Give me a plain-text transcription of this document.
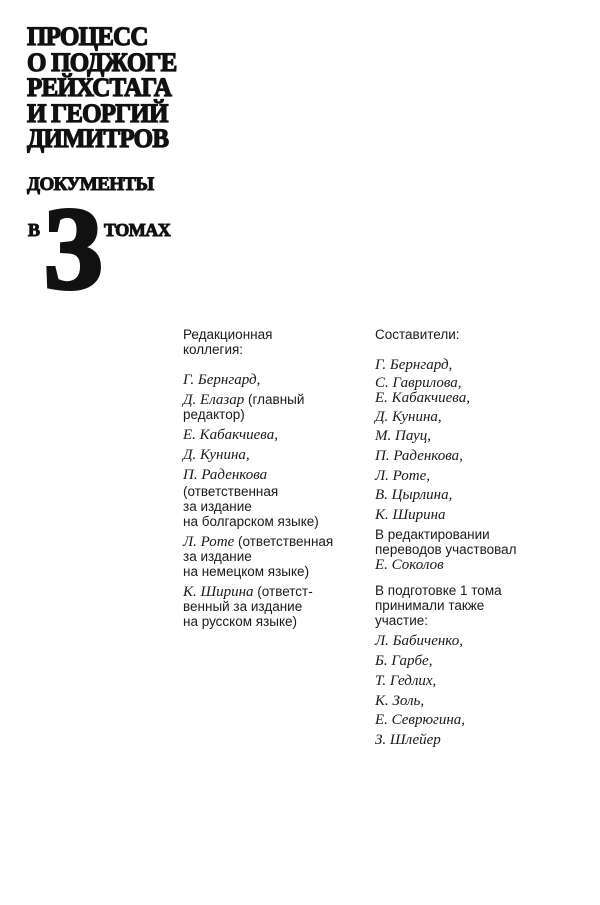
ПРОЦЕСС
О ПОДЖОГЕ
РЕЙХСТАГА
И ГЕОРГИЙ
ДИМИТРОВ
ДОКУМЕНТЫ
В 3 ТОМАХ
Редакционная
коллегия:
Г. Бернгард,
Д. Елазар (главный
редактор)
Е. Кабакчиева,
Д. Кунина,
П. Раденкова
(ответственная
за издание
на болгарском языке)
Л. Роте (ответственная
за издание
на немецком языке)
К. Ширина (ответст-
венный за издание
на русском языке)
Составители:
Г. Бернгард,
С. Гаврилова,
Е. Кабакчиева,
Д. Кунина,
М. Пауц,
П. Раденкова,
Л. Роте,
В. Цырлина,
К. Ширина
В редактировании
переводов участвовал
Е. Соколов
В подготовке 1 тома
принимали также
участие:
Л. Бабиченко,
Б. Гарбе,
Т. Гедлих,
К. Золь,
Е. Севрюгина,
З. Шлейер
